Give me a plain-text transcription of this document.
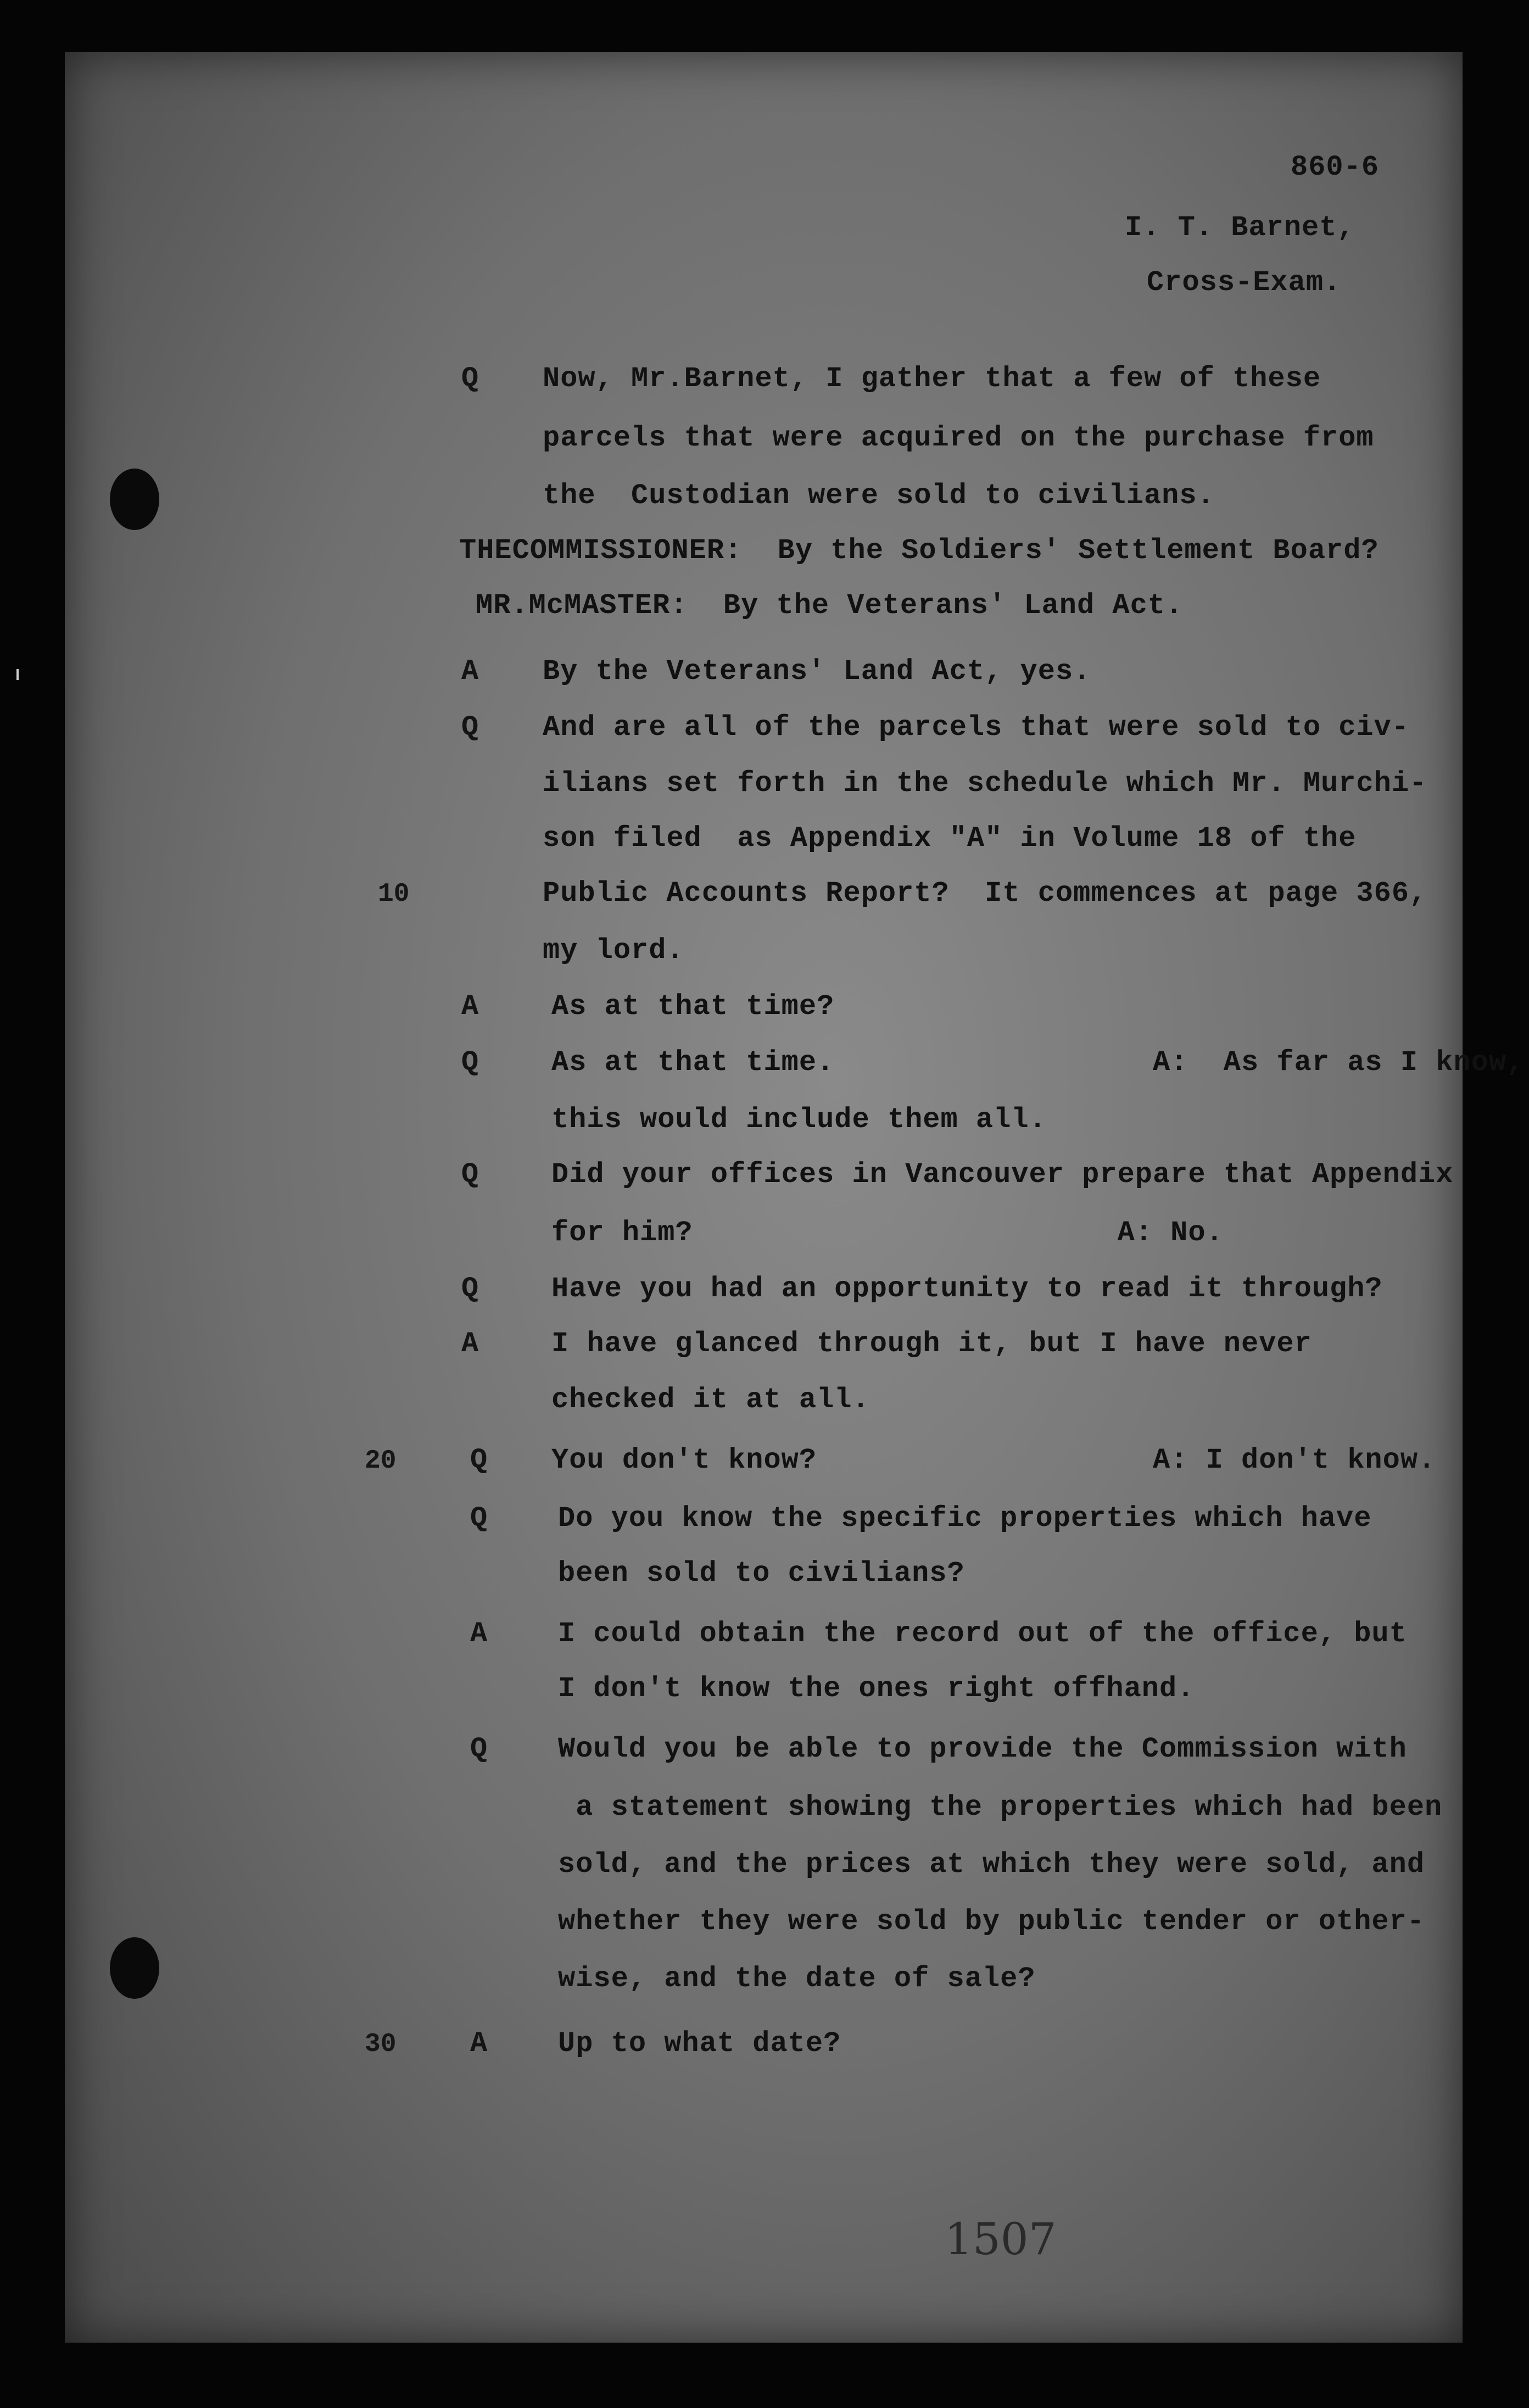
860-6
I. T. Barnet,
Cross-Exam.
Q Now, Mr.Barnet, I gather that a few of these
parcels that were acquired on the purchase from
the  Custodian were sold to civilians.
THECOMMISSIONER:  By the Soldiers' Settlement Board?
MR.McMASTER:  By the Veterans' Land Act.
A By the Veterans' Land Act, yes.
Q And are all of the parcels that were sold to civ-
ilians set forth in the schedule which Mr. Murchi-
son filed  as Appendix "A" in Volume 18 of the
10	Public Accounts Report?  It commences at page 366,
my lord.
A	As at that time?
Q	As at that time.                  A:  As far as I know,
this would include them all.
Q	Did your offices in Vancouver prepare that Appendix
for him?                        A: No.
Q	Have you had an opportunity to read it through?
A	I have glanced through it, but I have never
checked it at all.
Q
20	You don't know?                   A: I don't know.
Q Do you know the specific properties which have
been sold to civilians?
A I could obtain the record out of the office, but
I don't know the ones right offhand.
Q Would you be able to provide the Commission with
a statement showing the properties which had been
sold, and the prices at which they were sold, and
whether they were sold by public tender or other-
wise, and the date of sale?
A
30	Up to what date?
1507
